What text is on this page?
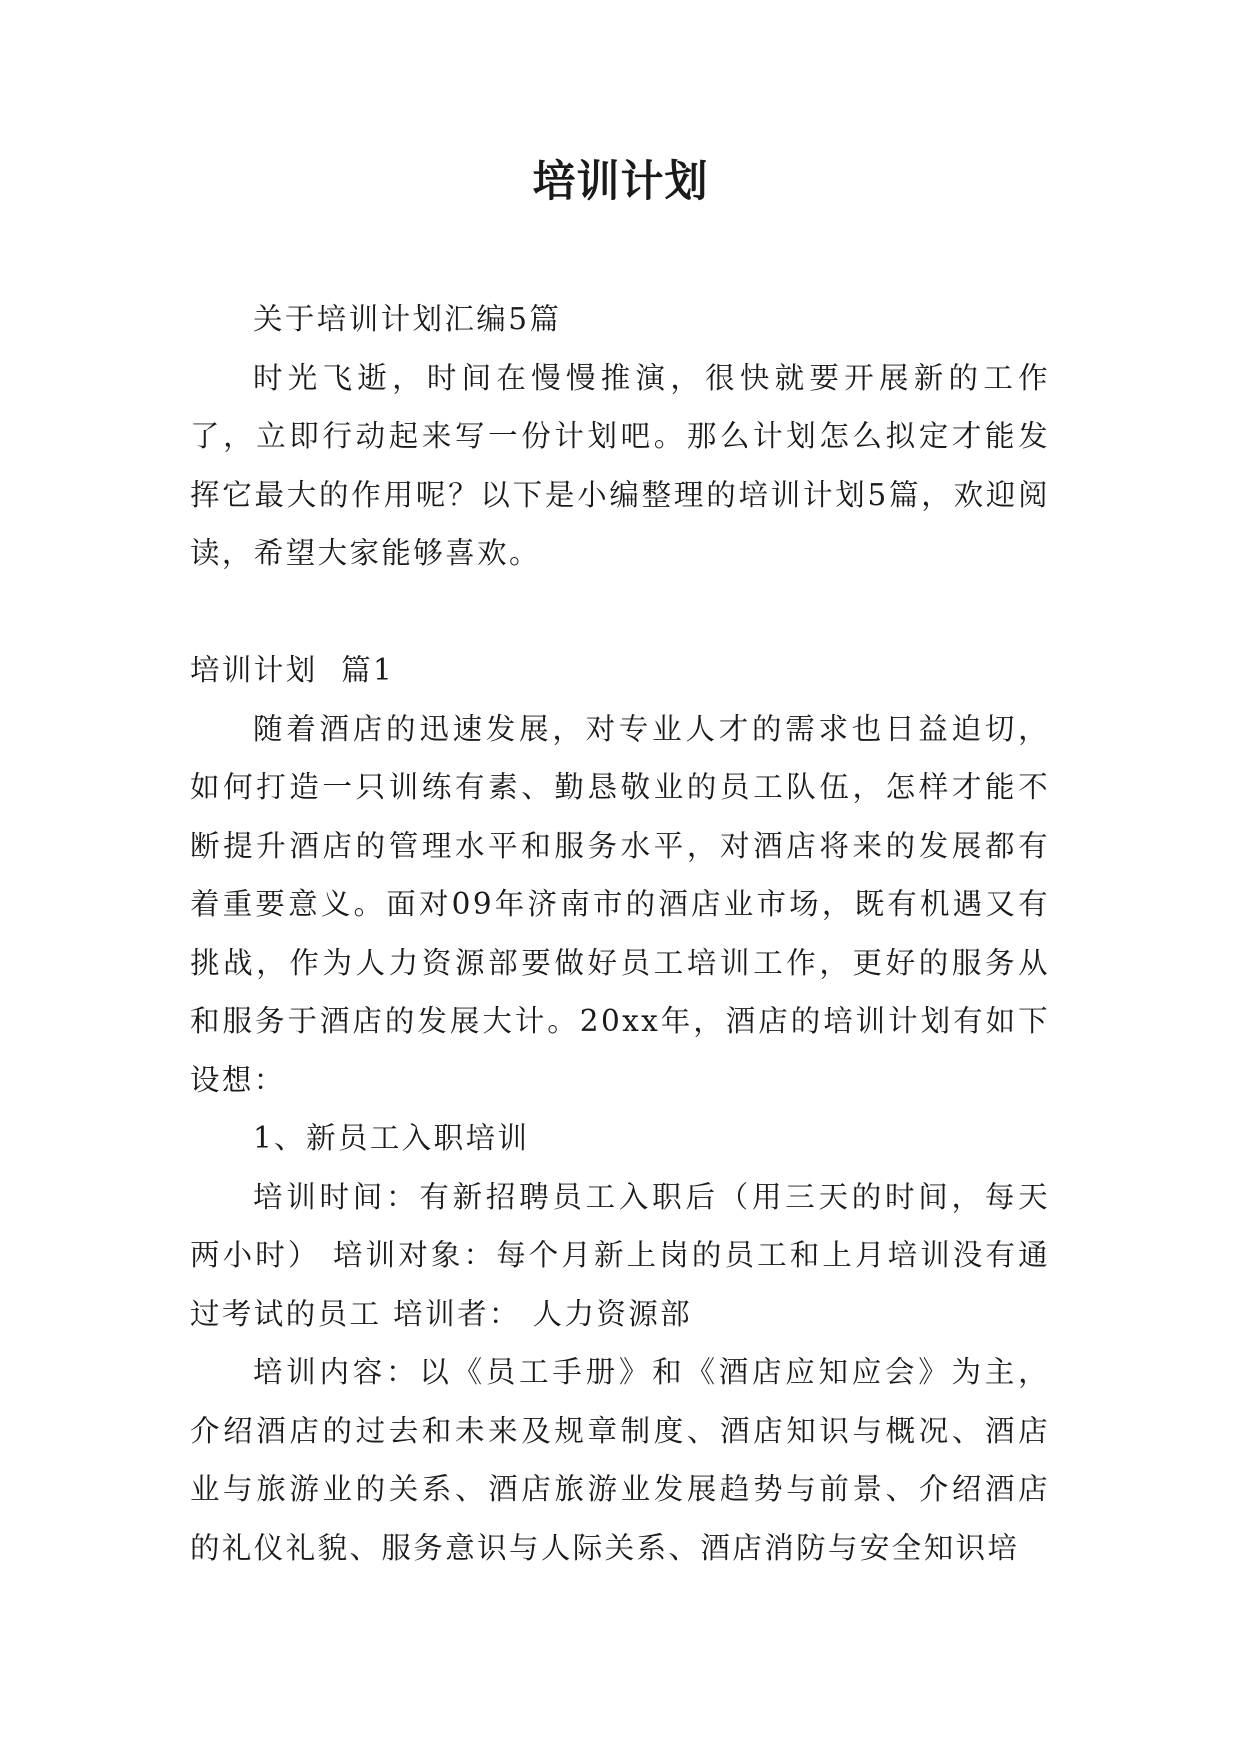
培训计划

关于培训计划汇编5篇

时光飞逝，时间在慢慢推演，很快就要开展新的工作了，立即行动起来写一份计划吧。那么计划怎么拟定才能发挥它最大的作用呢？以下是小编整理的培训计划5篇，欢迎阅读，希望大家能够喜欢。

培训计划  篇1

随着酒店的迅速发展，对专业人才的需求也日益迫切，如何打造一只训练有素、勤恳敬业的员工队伍，怎样才能不断提升酒店的管理水平和服务水平，对酒店将来的发展都有着重要意义。面对09年济南市的酒店业市场，既有机遇又有挑战，作为人力资源部要做好员工培训工作，更好的服务从和服务于酒店的发展大计。20xx年，酒店的培训计划有如下设想：

1、新员工入职培训

培训时间：有新招聘员工入职后（用三天的时间，每天两小时） 培训对象：每个月新上岗的员工和上月培训没有通过考试的员工 培训者： 人力资源部

培训内容：以《员工手册》和《酒店应知应会》为主，介绍酒店的过去和未来及规章制度、酒店知识与概况、酒店业与旅游业的关系、酒店旅游业发展趋势与前景、介绍酒店的礼仪礼貌、服务意识与人际关系、酒店消防与安全知识培
